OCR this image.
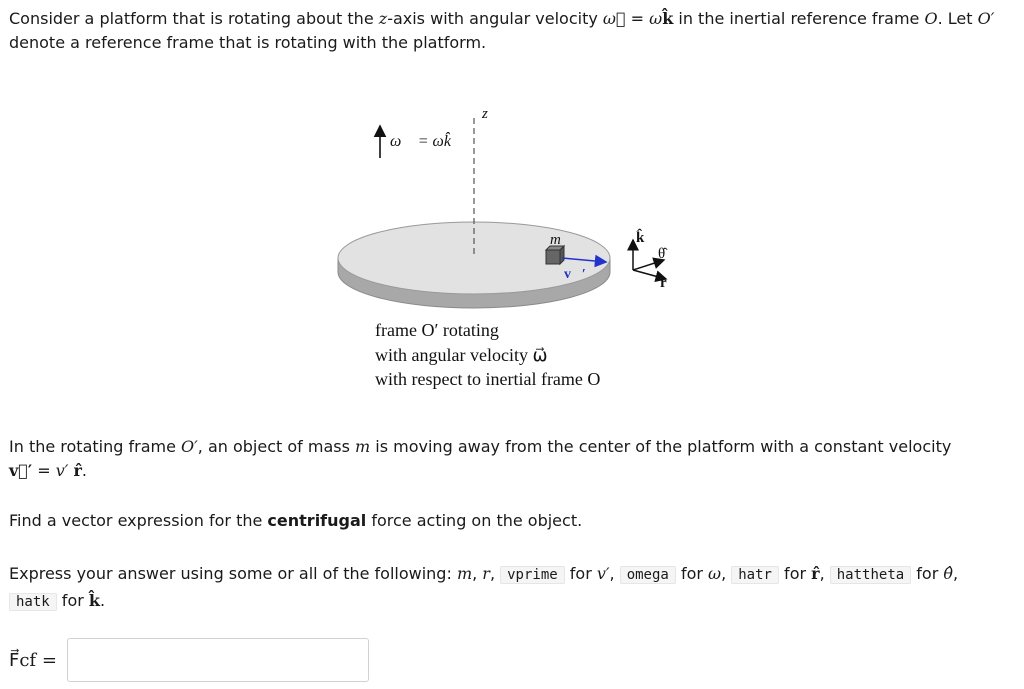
Consider a platform that is rotating about the z-axis with angular velocity ω⃗ = ωk̂ in the inertial reference frame O. Let O′
denote a reference frame that is rotating with the platform.
z
ω⃗ = ωk̂
m
v⃗′
k̂
θ̂
r̂
frame O′ rotating
with angular velocity ω⃗
with respect to inertial frame O
In the rotating frame O′, an object of mass m is moving away from the center of the platform with a constant velocity
v⃗′ = v′ r̂.
Find a vector expression for the centrifugal force acting on the object.
Express your answer using some or all of the following: m, r, vprime for v′, omega for ω, hatr for r̂, hattheta for θ̂,
hatk for k̂.
F⃗cf =
